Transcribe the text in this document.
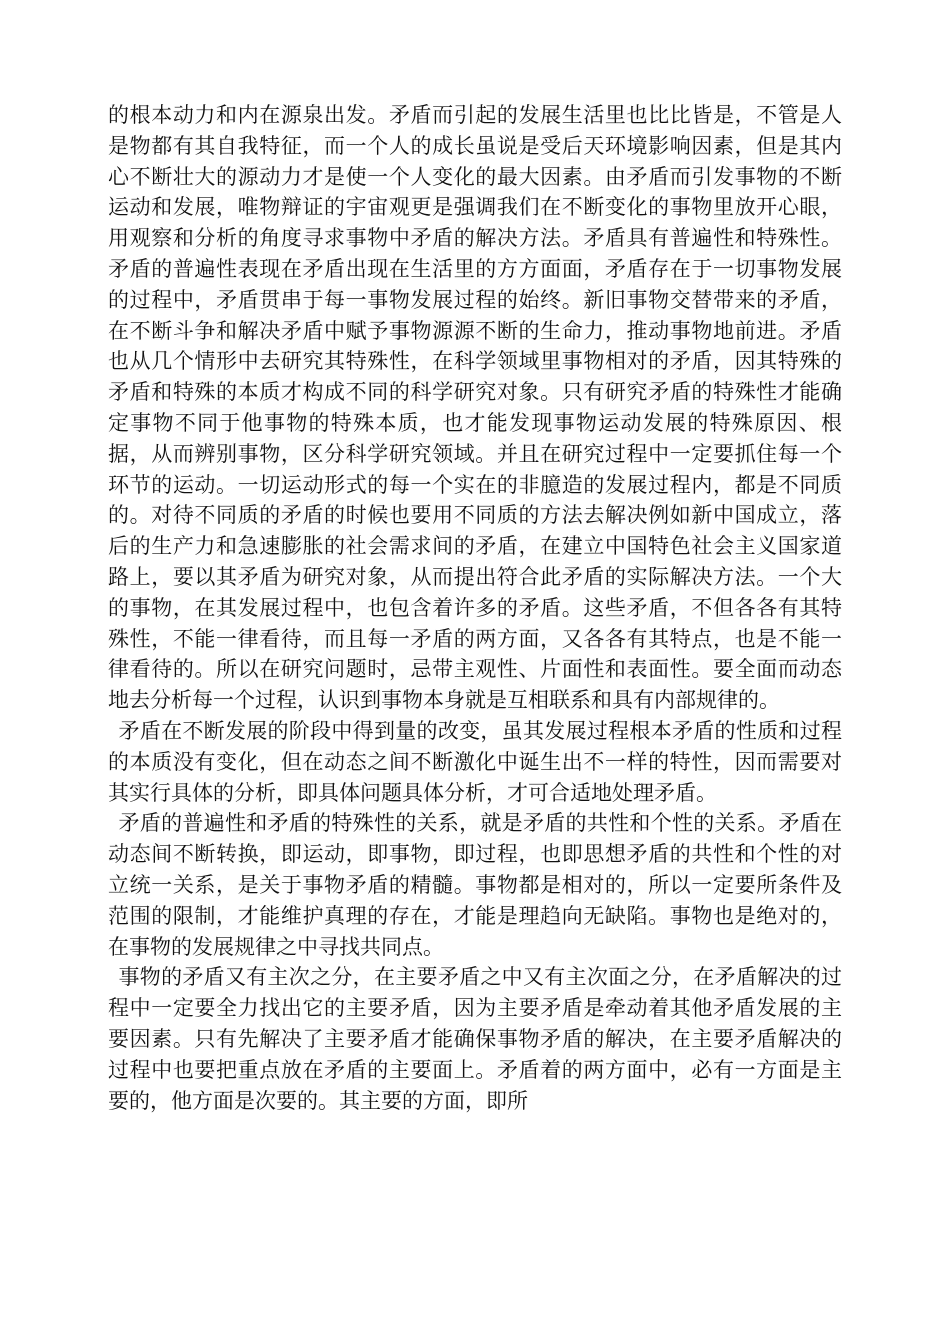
的根本动力和内在源泉出发。矛盾而引起的发展生活里也比比皆是，不管是人是物都有其自我特征，而一个人的成长虽说是受后天环境影响因素，但是其内心不断壮大的源动力才是使一个人变化的最大因素。由矛盾而引发事物的不断运动和发展，唯物辩证的宇宙观更是强调我们在不断变化的事物里放开心眼，用观察和分析的角度寻求事物中矛盾的解决方法。矛盾具有普遍性和特殊性。矛盾的普遍性表现在矛盾出现在生活里的方方面面，矛盾存在于一切事物发展的过程中，矛盾贯串于每一事物发展过程的始终。新旧事物交替带来的矛盾，在不断斗争和解决矛盾中赋予事物源源不断的生命力，推动事物地前进。矛盾也从几个情形中去研究其特殊性，在科学领域里事物相对的矛盾，因其特殊的矛盾和特殊的本质才构成不同的科学研究对象。只有研究矛盾的特殊性才能确定事物不同于他事物的特殊本质，也才能发现事物运动发展的特殊原因、根据，从而辨别事物，区分科学研究领域。并且在研究过程中一定要抓住每一个环节的运动。一切运动形式的每一个实在的非臆造的发展过程内，都是不同质的。对待不同质的矛盾的时候也要用不同质的方法去解决例如新中国成立，落后的生产力和急速膨胀的社会需求间的矛盾，在建立中国特色社会主义国家道路上，要以其矛盾为研究对象，从而提出符合此矛盾的实际解决方法。一个大的事物，在其发展过程中，也包含着许多的矛盾。这些矛盾，不但各各有其特殊性，不能一律看待，而且每一矛盾的两方面，又各各有其特点，也是不能一律看待的。所以在研究问题时，忌带主观性、片面性和表面性。要全面而动态地去分析每一个过程，认识到事物本身就是互相联系和具有内部规律的。

矛盾在不断发展的阶段中得到量的改变，虽其发展过程根本矛盾的性质和过程的本质没有变化，但在动态之间不断激化中诞生出不一样的特性，因而需要对其实行具体的分析，即具体问题具体分析，才可合适地处理矛盾。

矛盾的普遍性和矛盾的特殊性的关系，就是矛盾的共性和个性的关系。矛盾在动态间不断转换，即运动，即事物，即过程，也即思想矛盾的共性和个性的对立统一关系，是关于事物矛盾的精髓。事物都是相对的，所以一定要所条件及范围的限制，才能维护真理的存在，才能是理趋向无缺陷。事物也是绝对的，在事物的发展规律之中寻找共同点。

事物的矛盾又有主次之分，在主要矛盾之中又有主次面之分，在矛盾解决的过程中一定要全力找出它的主要矛盾，因为主要矛盾是牵动着其他矛盾发展的主要因素。只有先解决了主要矛盾才能确保事物矛盾的解决，在主要矛盾解决的过程中也要把重点放在矛盾的主要面上。矛盾着的两方面中，必有一方面是主要的，他方面是次要的。其主要的方面，即所
